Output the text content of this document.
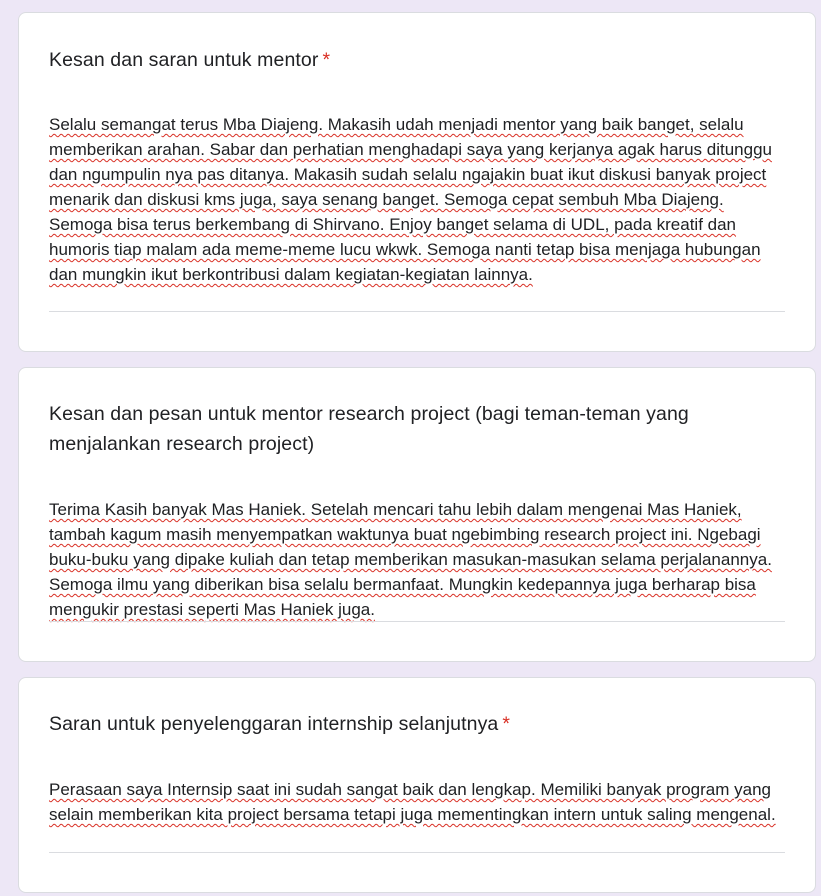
Kesan dan saran untuk mentor *
Selalu semangat terus Mba Diajeng. Makasih udah menjadi mentor yang baik banget, selalu memberikan arahan. Sabar dan perhatian menghadapi saya yang kerjanya agak harus ditunggu dan ngumpulin nya pas ditanya. Makasih sudah selalu ngajakin buat ikut diskusi banyak project menarik dan diskusi kms juga, saya senang banget. Semoga cepat sembuh Mba Diajeng. Semoga bisa terus berkembang di Shirvano. Enjoy banget selama di UDL, pada kreatif dan humoris tiap malam ada meme-meme lucu wkwk. Semoga nanti tetap bisa menjaga hubungan dan mungkin ikut berkontribusi dalam kegiatan-kegiatan lainnya.
Kesan dan pesan untuk mentor research project (bagi teman-teman yang menjalankan research project)
Terima Kasih banyak Mas Haniek. Setelah mencari tahu lebih dalam mengenai Mas Haniek, tambah kagum masih menyempatkan waktunya buat ngebimbing research project ini. Ngebagi buku-buku yang dipake kuliah dan tetap memberikan masukan-masukan selama perjalanannya. Semoga ilmu yang diberikan bisa selalu bermanfaat. Mungkin kedepannya juga berharap bisa mengukir prestasi seperti Mas Haniek juga.
Saran untuk penyelenggaran internship selanjutnya *
Perasaan saya Internsip saat ini sudah sangat baik dan lengkap. Memiliki banyak program yang selain memberikan kita project bersama tetapi juga mementingkan intern untuk saling mengenal.
